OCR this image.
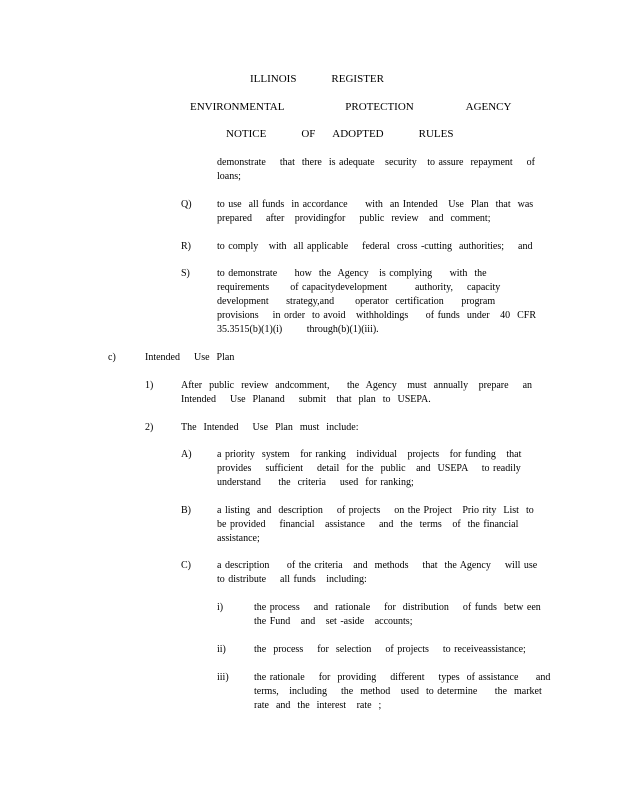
ILLINOIS    REGISTER
ENVIRONMENTAL       PROTECTION      AGENCY
NOTICE    OF  ADOPTED    RULES
demonstrate    that  there  is adequate   security   to assure  repayment    of
loans;
Q)	to use  all funds  in accordance     with  an Intended   Use  Plan  that  was
prepared    after   providingfor    public  review   and  comment;
R)	to comply   with  all applicable    federal  cross -cutting  authorities;    and
S)	to demonstrate     how  the  Agency   is complying     with  the
requirements      of capacitydevelopment        authority,    capacity
development     strategy,and      operator  certification     program
provisions    in order  to avoid   withholdings     of funds  under   40  CFR
35.3515(b)(1)(i)       through(b)(1)(iii).
c)	Intended    Use  Plan
1)	After  public  review  andcomment,     the  Agency   must  annually   prepare    an
Intended    Use  Planand    submit   that  plan  to  USEPA.
2)	The  Intended    Use  Plan  must  include:
A)	a priority  system   for ranking   individual   projects   for funding   that
provides    sufficient    detail  for the  public   and  USEPA    to readily
understand     the  criteria    used  for ranking;
B)	a listing  and  description    of projects    on the Project   Prio rity  List  to
be provided    financial   assistance    and  the  terms   of  the financial
assistance;
C)	a description     of the criteria   and  methods    that  the Agency    will use
to distribute    all funds   including:
i)	the process    and  rationale    for  distribution    of funds  betw een
the Fund   and   set -aside   accounts;
ii)	the  process    for  selection    of projects    to receiveassistance;
iii)	the rationale    for  providing    different    types  of assistance     and
terms,   including    the  method   used  to determine     the  market
rate  and  the  interest   rate  ;
